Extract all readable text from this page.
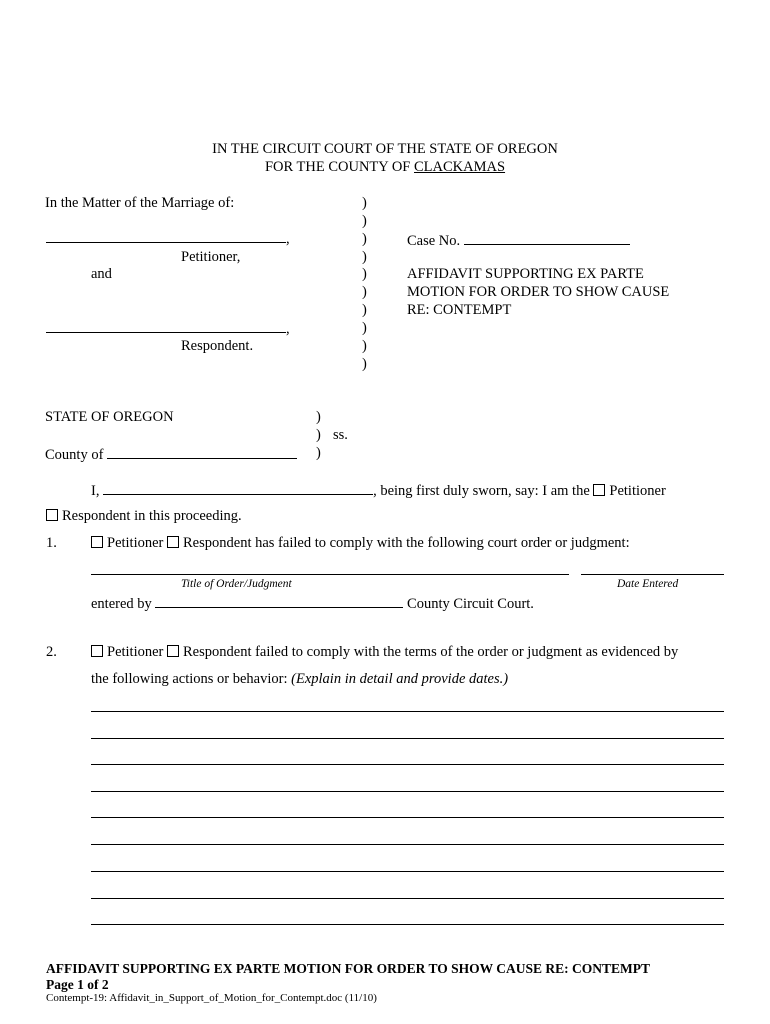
IN THE CIRCUIT COURT OF THE STATE OF OREGON
FOR THE COUNTY OF CLACKAMAS
In the Matter of the Marriage of:
,
Petitioner,
and
,
Respondent.
)
)
)
)
)
)
)
)
)
)
Case No.
AFFIDAVIT SUPPORTING EX PARTE
MOTION FOR ORDER TO SHOW CAUSE
RE: CONTEMPT
STATE OF OREGON	)
) ss.
)
County of
I,	, being first duly sworn, say: I am the Petitioner
Respondent in this proceeding.
1.	Petitioner Respondent has failed to comply with the following court order or judgment:
Title of Order/Judgment	Date Entered
entered by	County Circuit Court.
2.	Petitioner Respondent failed to comply with the terms of the order or judgment as evidenced by
the following actions or behavior: (Explain in detail and provide dates.)
AFFIDAVIT SUPPORTING EX PARTE MOTION FOR ORDER TO SHOW CAUSE RE: CONTEMPT
Page 1 of 2
Contempt-19: Affidavit_in_Support_of_Motion_for_Contempt.doc (11/10)
